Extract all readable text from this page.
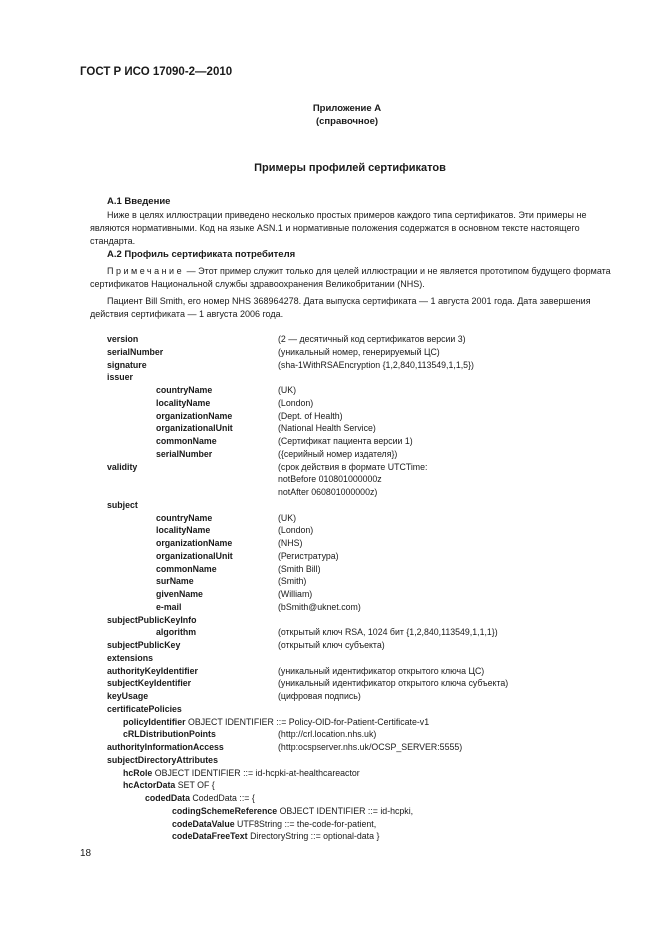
ГОСТ Р ИСО 17090-2—2010
Приложение А
(справочное)
Примеры профилей сертификатов
А.1 Введение
Ниже в целях иллюстрации приведено несколько простых примеров каждого типа сертификатов. Эти примеры не являются нормативными. Код на языке ASN.1 и нормативные положения содержатся в основном тексте настоящего стандарта.
А.2 Профиль сертификата потребителя
Примечание — Этот пример служит только для целей иллюстрации и не является прототипом будущего формата сертификатов Национальной службы здравоохранения Великобритании (NHS).
Пациент Bill Smith, его номер NHS 368964278. Дата выпуска сертификата — 1 августа 2001 года. Дата завершения действия сертификата — 1 августа 2006 года.
version	(2 — десятичный код сертификатов версии 3)
serialNumber	(уникальный номер, генерируемый ЦС)
signature	(sha-1WithRSAEncryption {1,2,840,113549,1,1,5})
issuer
countryName	(UK)
localityName	(London)
organizationName	(Dept. of Health)
organizationalUnit	(National Health Service)
commonName	(Сертификат пациента версии 1)
serialNumber	({серийный номер издателя})
validity	(срок действия в формате UTCTime:
notBefore 010801000000z
notAfter 060801000000z)
subject
countryName	(UK)
localityName	(London)
organizationName	(NHS)
organizationalUnit	(Регистратура)
commonName	(Smith Bill)
surName	(Smith)
givenName	(William)
e-mail	(bSmith@uknet.com)
subjectPublicKeyInfo
algorithm	(открытый ключ RSA, 1024 бит {1,2,840,113549,1,1,1})
subjectPublicKey	(открытый ключ субъекта)
extensions
authorityKeyIdentifier	(уникальный идентификатор открытого ключа ЦС)
subjectKeyIdentifier	(уникальный идентификатор открытого ключа субъекта)
keyUsage	(цифровая подпись)
certificatePolicies
policyIdentifier OBJECT IDENTIFIER ::= Policy-OID-for-Patient-Certificate-v1
cRLDistributionPoints	(http://crl.location.nhs.uk)
authorityInformationAccess	(http:ocspserver.nhs.uk/OCSP_SERVER:5555)
subjectDirectoryAttributes
hcRole OBJECT IDENTIFIER ::= id-hcpki-at-healthcareactor
hcActorData SET OF {
codedData CodedData ::= {
codingSchemeReference OBJECT IDENTIFIER ::= id-hcpki,
codeDataValue UTF8String ::= the-code-for-patient,
codeDataFreeText DirectoryString ::= optional-data }
18
